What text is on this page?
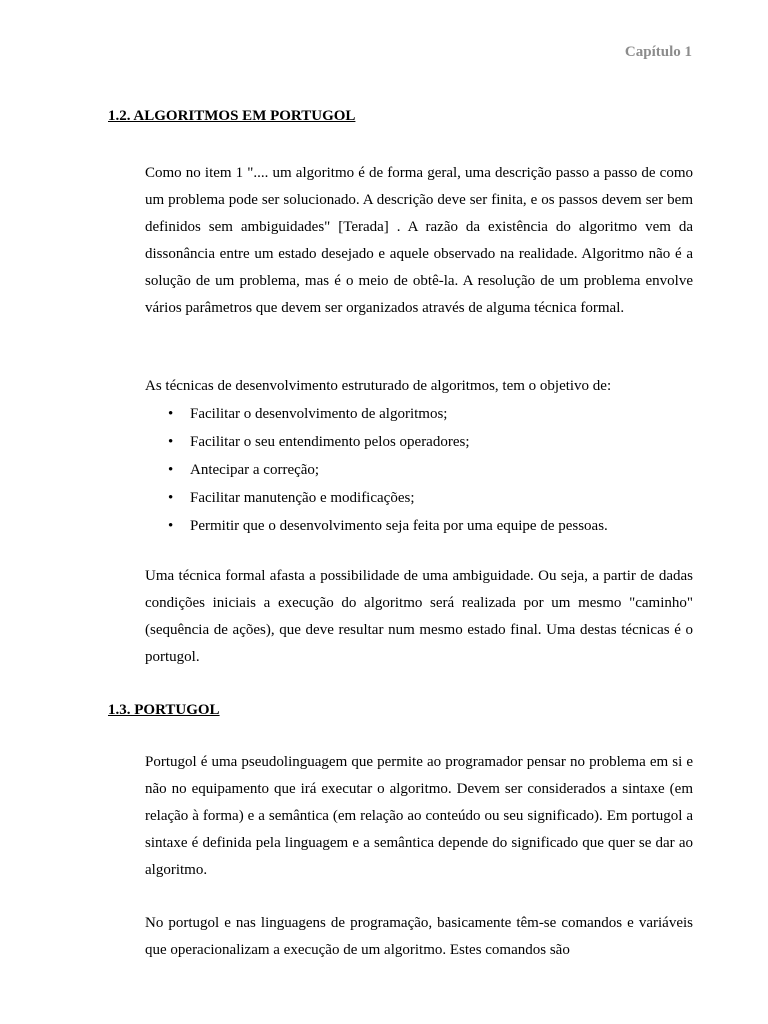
Capítulo 1
1.2. ALGORITMOS EM PORTUGOL

Como no item 1 ".... um algoritmo é de forma geral, uma descrição passo a passo de como um problema pode ser solucionado. A descrição deve ser finita, e os passos devem ser bem definidos sem ambiguidades" [Terada] . A razão da existência do algoritmo vem da dissonância entre um estado desejado e aquele observado na realidade. Algoritmo não é a solução de um problema, mas é o meio de obtê-la. A resolução de um problema envolve vários parâmetros que devem ser organizados através de alguma técnica formal.

As técnicas de desenvolvimento estruturado de algoritmos, tem o objetivo de:

• Facilitar o desenvolvimento de algoritmos;
• Facilitar o seu entendimento pelos operadores;
• Antecipar a correção;
• Facilitar manutenção e modificações;
• Permitir que o desenvolvimento seja feita por uma equipe de pessoas.

Uma técnica formal afasta a possibilidade de uma ambiguidade. Ou seja, a partir de dadas condições iniciais a execução do algoritmo será realizada por um mesmo "caminho" (sequência de ações), que deve resultar num mesmo estado final. Uma destas técnicas é o portugol.

1.3. PORTUGOL

Portugol é uma pseudolinguagem que permite ao programador pensar no problema em si e não no equipamento que irá executar o algoritmo. Devem ser considerados a sintaxe (em relação à forma) e a semântica (em relação ao conteúdo ou seu significado). Em portugol a sintaxe é definida pela linguagem e a semântica depende do significado que quer se dar ao algoritmo.

No portugol e nas linguagens de programação, basicamente têm-se comandos e variáveis que operacionalizam a execução de um algoritmo. Estes comandos são
